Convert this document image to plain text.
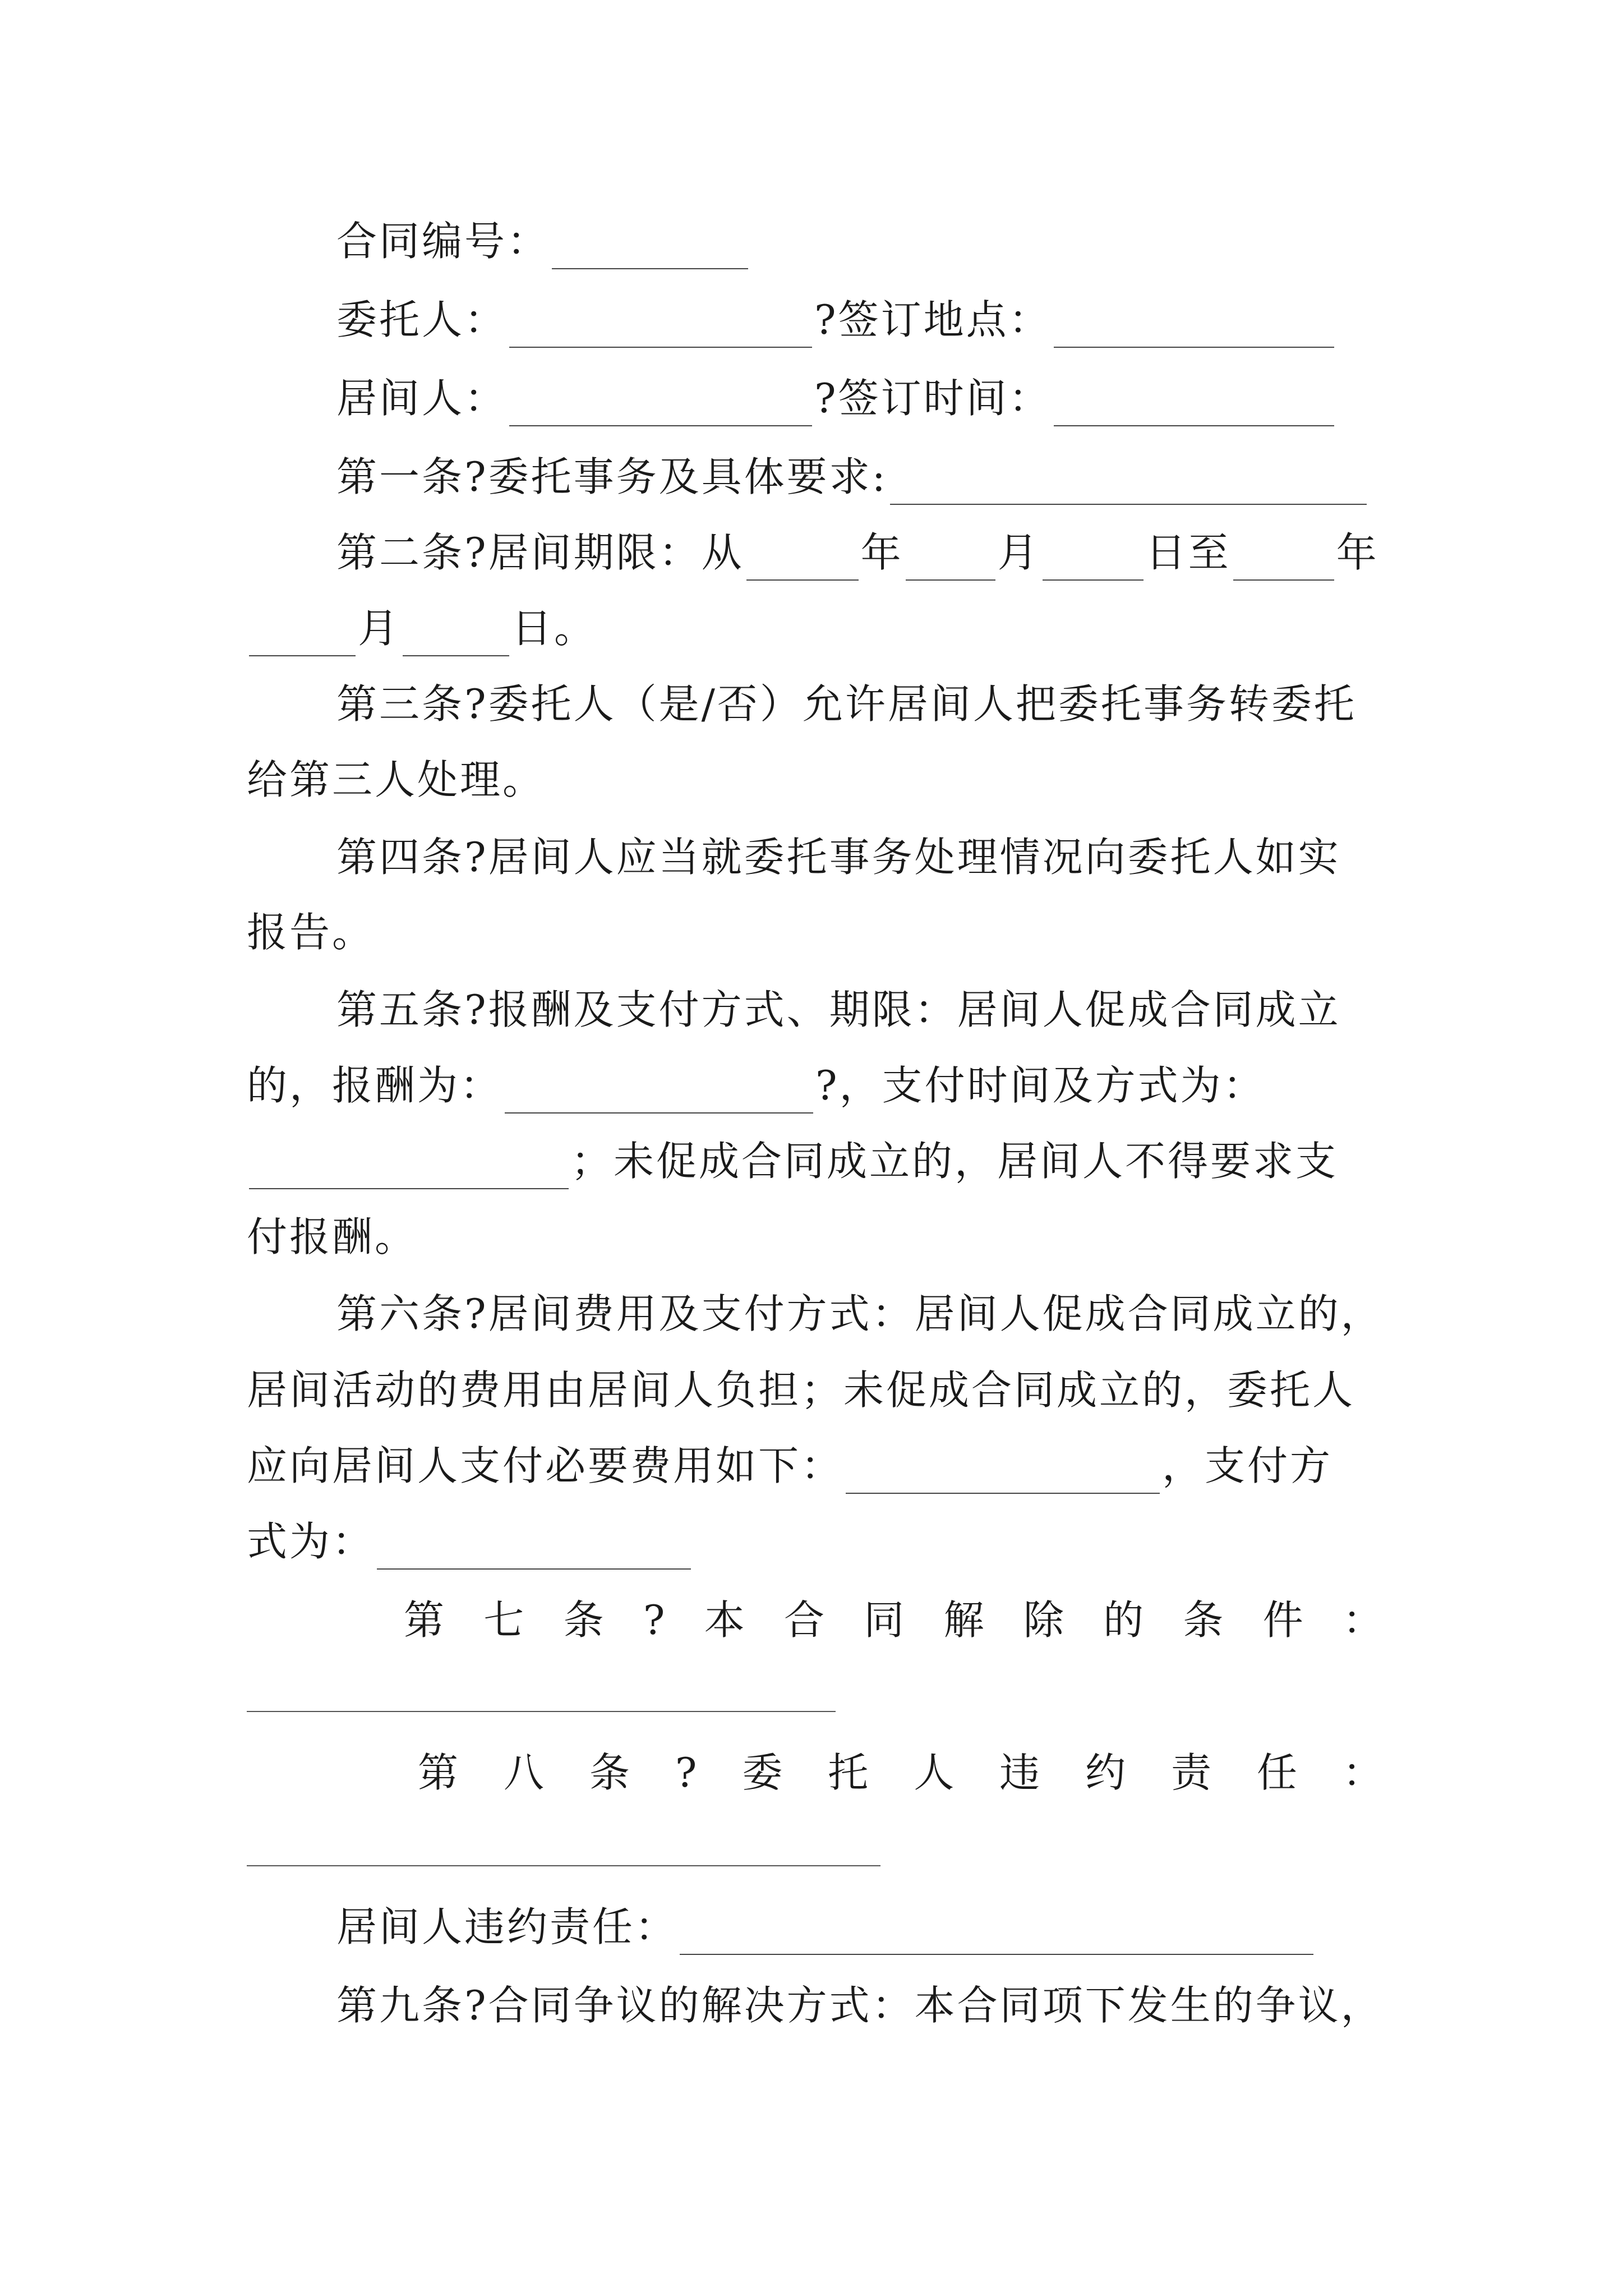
合同编号：
委托人：	?签订地点：
居间人：	?签订时间：
第一条?委托事务及具体要求:
第二条?居间期限：从	年 月	日至	年
月	日。
第三条?委托人（是/否）允许居间人把委托事务转委托
给第三人处理。
第四条?居间人应当就委托事务处理情况向委托人如实
报告。
第五条?报酬及支付方式、期限：居间人促成合同成立
的，报酬为：	?，支付时间及方式为：
；未促成合同成立的，居间人不得要求支
付报酬。
第六条?居间费用及支付方式：居间人促成合同成立的，
居间活动的费用由居间人负担；未促成合同成立的，委托人
应向居间人支付必要费用如下：	，支付方
式为：
第 七 条 ? 本 合 同 解 除 的 条 件 ：
第 八 条 ? 委 托 人 违 约 责 任 ：
居间人违约责任：
第九条?合同争议的解决方式：本合同项下发生的争议，
